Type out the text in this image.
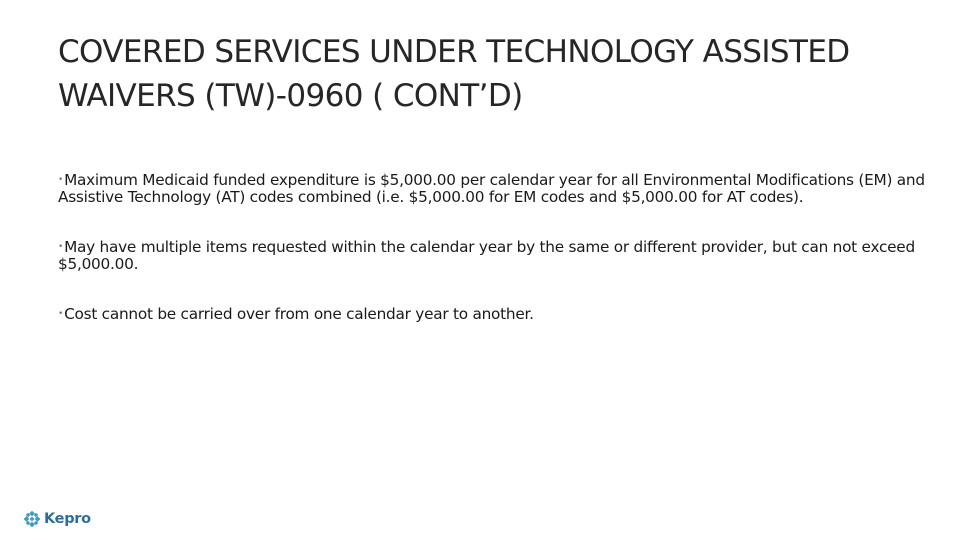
COVERED SERVICES UNDER TECHNOLOGY ASSISTED WAIVERS (TW)-0960 ( CONT’D)
•Maximum Medicaid funded expenditure is $5,000.00 per calendar year for all Environmental Modifications (EM) and Assistive Technology (AT) codes combined (i.e. $5,000.00 for EM codes and $5,000.00 for AT codes).
•May have multiple items requested within the calendar year by the same or different provider, but can not exceed $5,000.00.
•Cost cannot be carried over from one calendar year to another.
Kepro
